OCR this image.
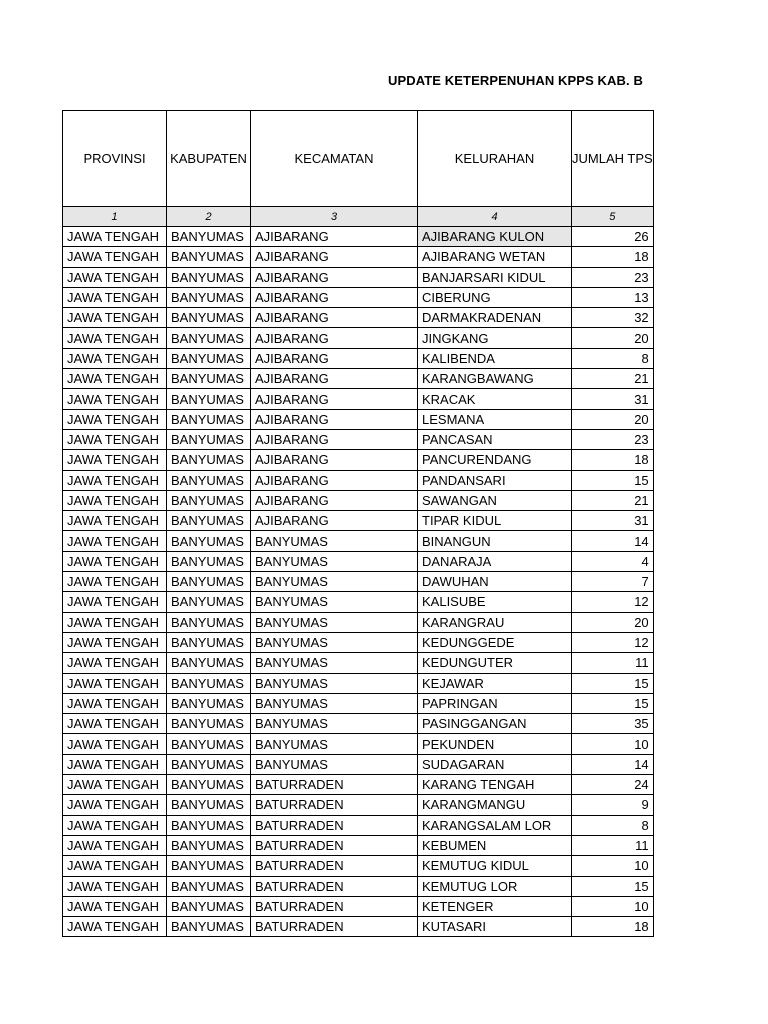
UPDATE KETERPENUHAN KPPS KAB. B
PROVINSI	KABUPATEN	KECAMATAN	KELURAHAN	JUMLAH TPS
1	2	3	4	5
JAWA TENGAH	BANYUMAS	AJIBARANG	AJIBARANG KULON	26
JAWA TENGAH	BANYUMAS	AJIBARANG	AJIBARANG WETAN	18
JAWA TENGAH	BANYUMAS	AJIBARANG	BANJARSARI KIDUL	23
JAWA TENGAH	BANYUMAS	AJIBARANG	CIBERUNG	13
JAWA TENGAH	BANYUMAS	AJIBARANG	DARMAKRADENAN	32
JAWA TENGAH	BANYUMAS	AJIBARANG	JINGKANG	20
JAWA TENGAH	BANYUMAS	AJIBARANG	KALIBENDA	8
JAWA TENGAH	BANYUMAS	AJIBARANG	KARANGBAWANG	21
JAWA TENGAH	BANYUMAS	AJIBARANG	KRACAK	31
JAWA TENGAH	BANYUMAS	AJIBARANG	LESMANA	20
JAWA TENGAH	BANYUMAS	AJIBARANG	PANCASAN	23
JAWA TENGAH	BANYUMAS	AJIBARANG	PANCURENDANG	18
JAWA TENGAH	BANYUMAS	AJIBARANG	PANDANSARI	15
JAWA TENGAH	BANYUMAS	AJIBARANG	SAWANGAN	21
JAWA TENGAH	BANYUMAS	AJIBARANG	TIPAR KIDUL	31
JAWA TENGAH	BANYUMAS	BANYUMAS	BINANGUN	14
JAWA TENGAH	BANYUMAS	BANYUMAS	DANARAJA	4
JAWA TENGAH	BANYUMAS	BANYUMAS	DAWUHAN	7
JAWA TENGAH	BANYUMAS	BANYUMAS	KALISUBE	12
JAWA TENGAH	BANYUMAS	BANYUMAS	KARANGRAU	20
JAWA TENGAH	BANYUMAS	BANYUMAS	KEDUNGGEDE	12
JAWA TENGAH	BANYUMAS	BANYUMAS	KEDUNGUTER	11
JAWA TENGAH	BANYUMAS	BANYUMAS	KEJAWAR	15
JAWA TENGAH	BANYUMAS	BANYUMAS	PAPRINGAN	15
JAWA TENGAH	BANYUMAS	BANYUMAS	PASINGGANGAN	35
JAWA TENGAH	BANYUMAS	BANYUMAS	PEKUNDEN	10
JAWA TENGAH	BANYUMAS	BANYUMAS	SUDAGARAN	14
JAWA TENGAH	BANYUMAS	BATURRADEN	KARANG TENGAH	24
JAWA TENGAH	BANYUMAS	BATURRADEN	KARANGMANGU	9
JAWA TENGAH	BANYUMAS	BATURRADEN	KARANGSALAM LOR	8
JAWA TENGAH	BANYUMAS	BATURRADEN	KEBUMEN	11
JAWA TENGAH	BANYUMAS	BATURRADEN	KEMUTUG KIDUL	10
JAWA TENGAH	BANYUMAS	BATURRADEN	KEMUTUG LOR	15
JAWA TENGAH	BANYUMAS	BATURRADEN	KETENGER	10
JAWA TENGAH	BANYUMAS	BATURRADEN	KUTASARI	18
